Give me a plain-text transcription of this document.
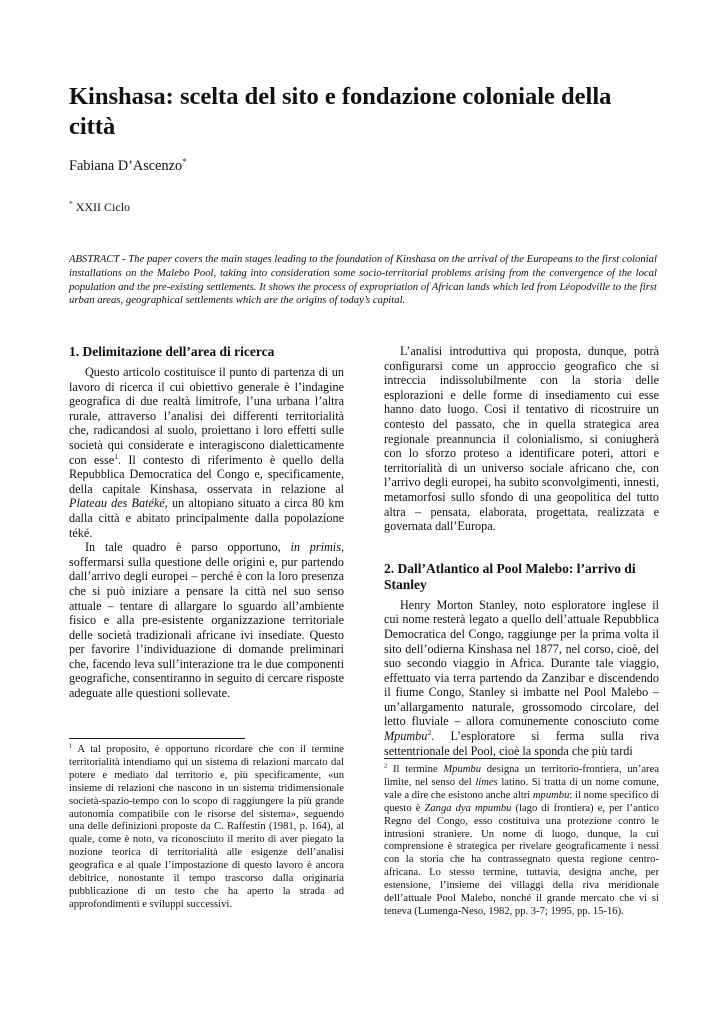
Kinshasa: scelta del sito e fondazione coloniale della città
Fabiana D’Ascenzo*
* XXII Ciclo

ABSTRACT - The paper covers the main stages leading to the foundation of Kinshasa on the arrival of the Europeans to the first colonial installations on the Malebo Pool, taking into consideration some socio-territorial problems arising from the convergence of the local population and the pre-existing settlements. It shows the process of expropriation of African lands which led from Léopodville to the first urban areas, geographical settlements which are the origins of today’s capital.

1. Delimitazione dell’area di ricerca

Questo articolo costituisce il punto di partenza di un lavoro di ricerca il cui obiettivo generale è l’indagine geografica di due realtà limitrofe, l’una urbana l’altra rurale, attraverso l’analisi dei differenti territorialità che, radicandosi al suolo, proiettano i loro effetti sulle società qui considerate e interagiscono dialetticamente con esse$^1$. Il contesto di riferimento è quello della Repubblica Democratica del Congo e, specificamente, della capitale Kinshasa, osservata in relazione al Plateau des Batéké, un altopiano situato a circa 80 km dalla città e abitato principalmente dalla popolazione téké.

In tale quadro è parso opportuno, in primis, soffermarsi sulla questione delle origini e, pur partendo dall’arrivo degli europei – perché è con la loro presenza che si può iniziare a pensare la città nel suo senso attuale – tentare di allargare lo sguardo all’ambiente fisico e alla pre-esistente organizzazione territoriale delle società tradizionali africane ivi insediate. Questo per favorire l’individuazione di domande preliminari che, facendo leva sull’interazione tra le due componenti geografiche, consentiranno in seguito di cercare risposte adeguate alle questioni sollevate.

$^1$ A tal proposito, è opportuno ricordare che con il termine territorialità intendiamo qui un sistema di relazioni marcato dal potere e mediato dal territorio e, più specificamente, «un insieme di relazioni che nascono in un sistema tridimensionale società-spazio-tempo con lo scopo di raggiungere la più grande autonomia compatibile con le risorse del sistema», seguendo una delle definizioni proposte da C. Raffestin (1981, p. 164), al quale, come è noto, va riconosciuto il merito di aver piegato la nozione teorica di territorialità alle esigenze dell’analisi geografica e al quale l’impostazione di questo lavoro è ancora debitrice, nonostante il tempo trascorso dalla originaria pubblicazione di un testo che ha aperto la strada ad approfondimenti e sviluppi successivi.

L’analisi introduttiva qui proposta, dunque, potrà configurarsi come un approccio geografico che si intreccia indissolubilmente con la storia delle esplorazioni e delle forme di insediamento cui esse hanno dato luogo. Così il tentativo di ricostruire un contesto del passato, che in quella strategica area regionale preannuncia il colonialismo, si coniugherà con lo sforzo proteso a identificare poteri, attori e territorialità di un universo sociale africano che, con l’arrivo degli europei, ha subito sconvolgimenti, innesti, metamorfosi sullo sfondo di una geopolitica del tutto altra – pensata, elaborata, progettata, realizzata e governata dall’Europa.

2. Dall’Atlantico al Pool Malebo: l’arrivo di Stanley

Henry Morton Stanley, noto esploratore inglese il cui nome resterà legato a quello dell’attuale Repubblica Democratica del Congo, raggiunge per la prima volta il sito dell’odierna Kinshasa nel 1877, nel corso, cioè, del suo secondo viaggio in Africa. Durante tale viaggio, effettuato via terra partendo da Zanzibar e discendendo il fiume Congo, Stanley si imbatte nel Pool Malebo – un’allargamento naturale, grossomodo circolare, del letto fluviale – allora comunemente conosciuto come Mpumbu$^2$. L’esploratore si ferma sulla riva settentrionale del Pool, cioè la sponda che più tardi

$^2$ Il termine Mpumbu designa un territorio-frontiera, un’area limite, nel senso del limes latino. Si tratta di un nome comune, vale a dire che esistono anche altri mpumbu: il nome specifico di questo è Zanga dya mpumbu (lago di frontiera) e, per l’antico Regno del Congo, esso costituiva una protezione contro le intrusioni straniere. Un nome di luogo, dunque, la cui comprensione è strategica per rivelare geograficamente i nessi con la storia che ha contrassegnato questa regione centro-africana. Lo stesso termine, tuttavia, designa anche, per estensione, l’insieme dei villaggi della riva meridionale dell’attuale Pool Malebo, nonché il grande mercato che vi si teneva (Lumenga-Neso, 1982, pp. 3-7; 1995, pp. 15-16).
